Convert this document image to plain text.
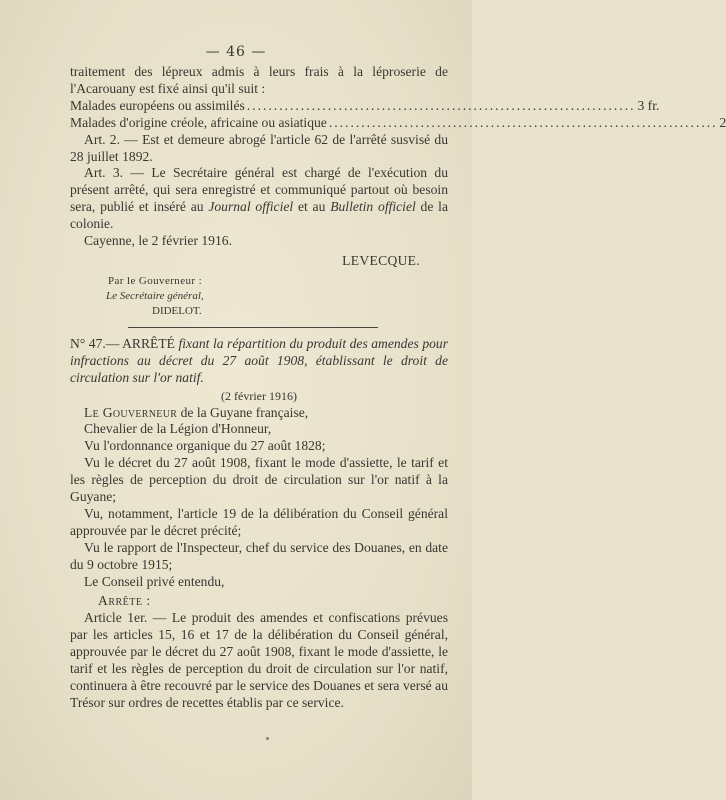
— 46 —

traitement des lépreux admis à leurs frais à la léproserie de l'Acarouany est fixé ainsi qu'il suit :

Malades européens ou assimilés ........................................................................ 3 fr.
Malades d'origine créole, africaine ou asiatique ........................................................................ 2

Art. 2. — Est et demeure abrogé l'article 62 de l'arrêté susvisé du 28 juillet 1892.

Art. 3. — Le Secrétaire général est chargé de l'exécution du présent arrêté, qui sera enregistré et communiqué partout où besoin sera, publié et inséré au Journal officiel et au Bulletin officiel de la colonie.

Cayenne, le 2 février 1916.

LEVECQUE.

Par le Gouverneur :

Le Secrétaire général,

DIDELOT.

N° 47.— ARRÊTÉ fixant la répartition du produit des amendes pour infractions au décret du 27 août 1908, établissant le droit de circulation sur l'or natif.

(2 février 1916)

Le Gouverneur de la Guyane française,

Chevalier de la Légion d'Honneur,

Vu l'ordonnance organique du 27 août 1828;

Vu le décret du 27 août 1908, fixant le mode d'assiette, le tarif et les règles de perception du droit de circulation sur l'or natif à la Guyane;

Vu, notamment, l'article 19 de la délibération du Conseil général approuvée par le décret précité;

Vu le rapport de l'Inspecteur, chef du service des Douanes, en date du 9 octobre 1915;

Le Conseil privé entendu,

Arrête :

Article 1er. — Le produit des amendes et confiscations prévues par les articles 15, 16 et 17 de la délibération du Conseil général, approuvée par le décret du 27 août 1908, fixant le mode d'assiette, le tarif et les règles de perception du droit de circulation sur l'or natif, continuera à être recouvré par le service des Douanes et sera versé au Trésor sur ordres de recettes établis par ce service.
